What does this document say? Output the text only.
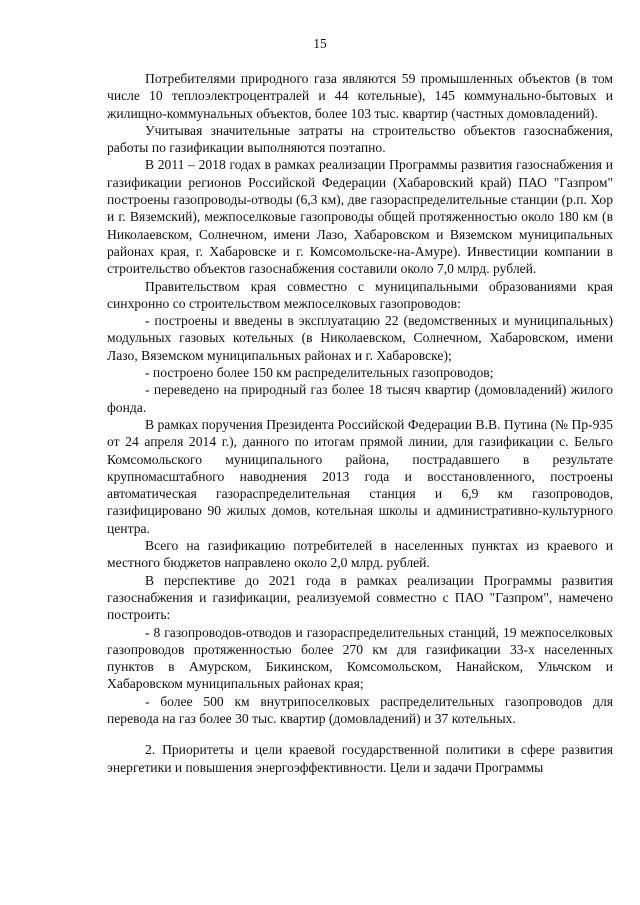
15

Потребителями природного газа являются 59 промышленных объектов (в том числе 10 теплоэлектроцентралей и 44 котельные), 145 коммунально-бытовых и жилищно-коммунальных объектов, более 103 тыс. квартир (частных домовладений).

Учитывая значительные затраты на строительство объектов газоснабжения, работы по газификации выполняются поэтапно.

В 2011 – 2018 годах в рамках реализации Программы развития газоснабжения и газификации регионов Российской Федерации (Хабаровский край) ПАО "Газпром" построены газопроводы-отводы (6,3 км), две газораспределительные станции (р.п. Хор и г. Вяземский), межпоселковые газопроводы общей протяженностью около 180 км (в Николаевском, Солнечном, имени Лазо, Хабаровском и Вяземском муниципальных районах края, г. Хабаровске и г. Комсомольске-на-Амуре). Инвестиции компании в строительство объектов газоснабжения составили около 7,0 млрд. рублей.

Правительством края совместно с муниципальными образованиями края синхронно со строительством межпоселковых газопроводов:

- построены и введены в эксплуатацию 22 (ведомственных и муниципальных) модульных газовых котельных (в Николаевском, Солнечном, Хабаровском, имени Лазо, Вяземском муниципальных районах и г. Хабаровске);

- построено более 150 км распределительных газопроводов;

- переведено на природный газ более 18 тысяч квартир (домовладений) жилого фонда.

В рамках поручения Президента Российской Федерации В.В. Путина (№ Пр-935 от 24 апреля 2014 г.), данного по итогам прямой линии, для газификации с. Бельго Комсомольского муниципального района, пострадавшего в результате крупномасштабного наводнения 2013 года и восстановленного, построены автоматическая газораспределительная станция и 6,9 км газопроводов, газифицировано 90 жилых домов, котельная школы и административно-культурного центра.

Всего на газификацию потребителей в населенных пунктах из краевого и местного бюджетов направлено около 2,0 млрд. рублей.

В перспективе до 2021 года в рамках реализации Программы развития газоснабжения и газификации, реализуемой совместно с ПАО "Газпром", намечено построить:

- 8 газопроводов-отводов и газораспределительных станций, 19 межпоселковых газопроводов протяженностью более 270 км для газификации 33-х населенных пунктов в Амурском, Бикинском, Комсомольском, Нанайском, Ульчском и Хабаровском муниципальных районах края;

- более 500 км внутрипоселковых распределительных газопроводов для перевода на газ более 30 тыс. квартир (домовладений) и 37 котельных.

2. Приоритеты и цели краевой государственной политики в сфере развития энергетики и повышения энергоэффективности. Цели и задачи Программы
